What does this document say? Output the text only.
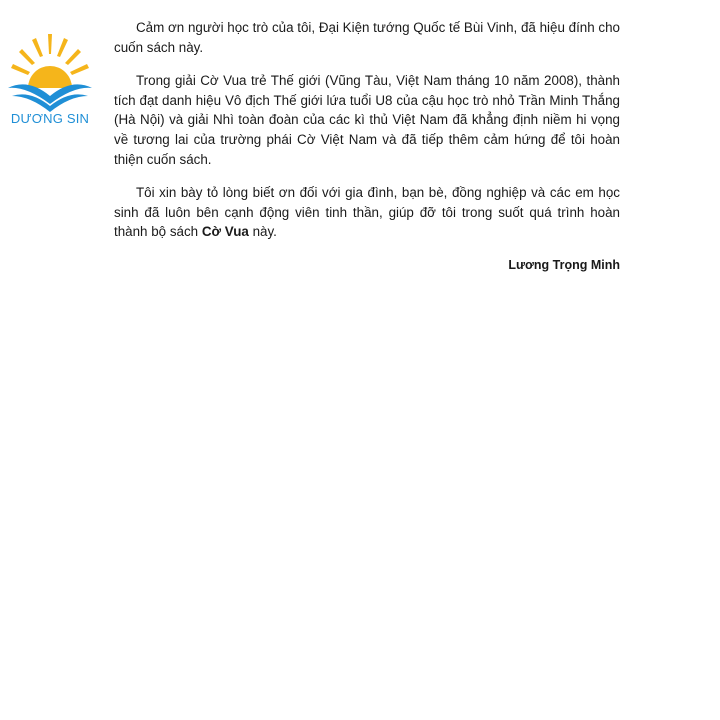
DƯƠNG SIN

Cảm ơn người học trò của tôi, Đại Kiện tướng Quốc tế Bùi Vinh, đã hiệu đính cho cuốn sách này.

Trong giải Cờ Vua trẻ Thế giới (Vũng Tàu, Việt Nam tháng 10 năm 2008), thành tích đạt danh hiệu Vô địch Thế giới lứa tuổi U8 của cậu học trò nhỏ Trần Minh Thắng (Hà Nội) và giải Nhì toàn đoàn của các kì thủ Việt Nam đã khẳng định niềm hi vọng về tương lai của trường phái Cờ Việt Nam và đã tiếp thêm cảm hứng để tôi hoàn thiện cuốn sách.

Tôi xin bày tỏ lòng biết ơn đối với gia đình, bạn bè, đồng nghiệp và các em học sinh đã luôn bên cạnh động viên tinh thần, giúp đỡ tôi trong suốt quá trình hoàn thành bộ sách Cờ Vua này.

Lương Trọng Minh
